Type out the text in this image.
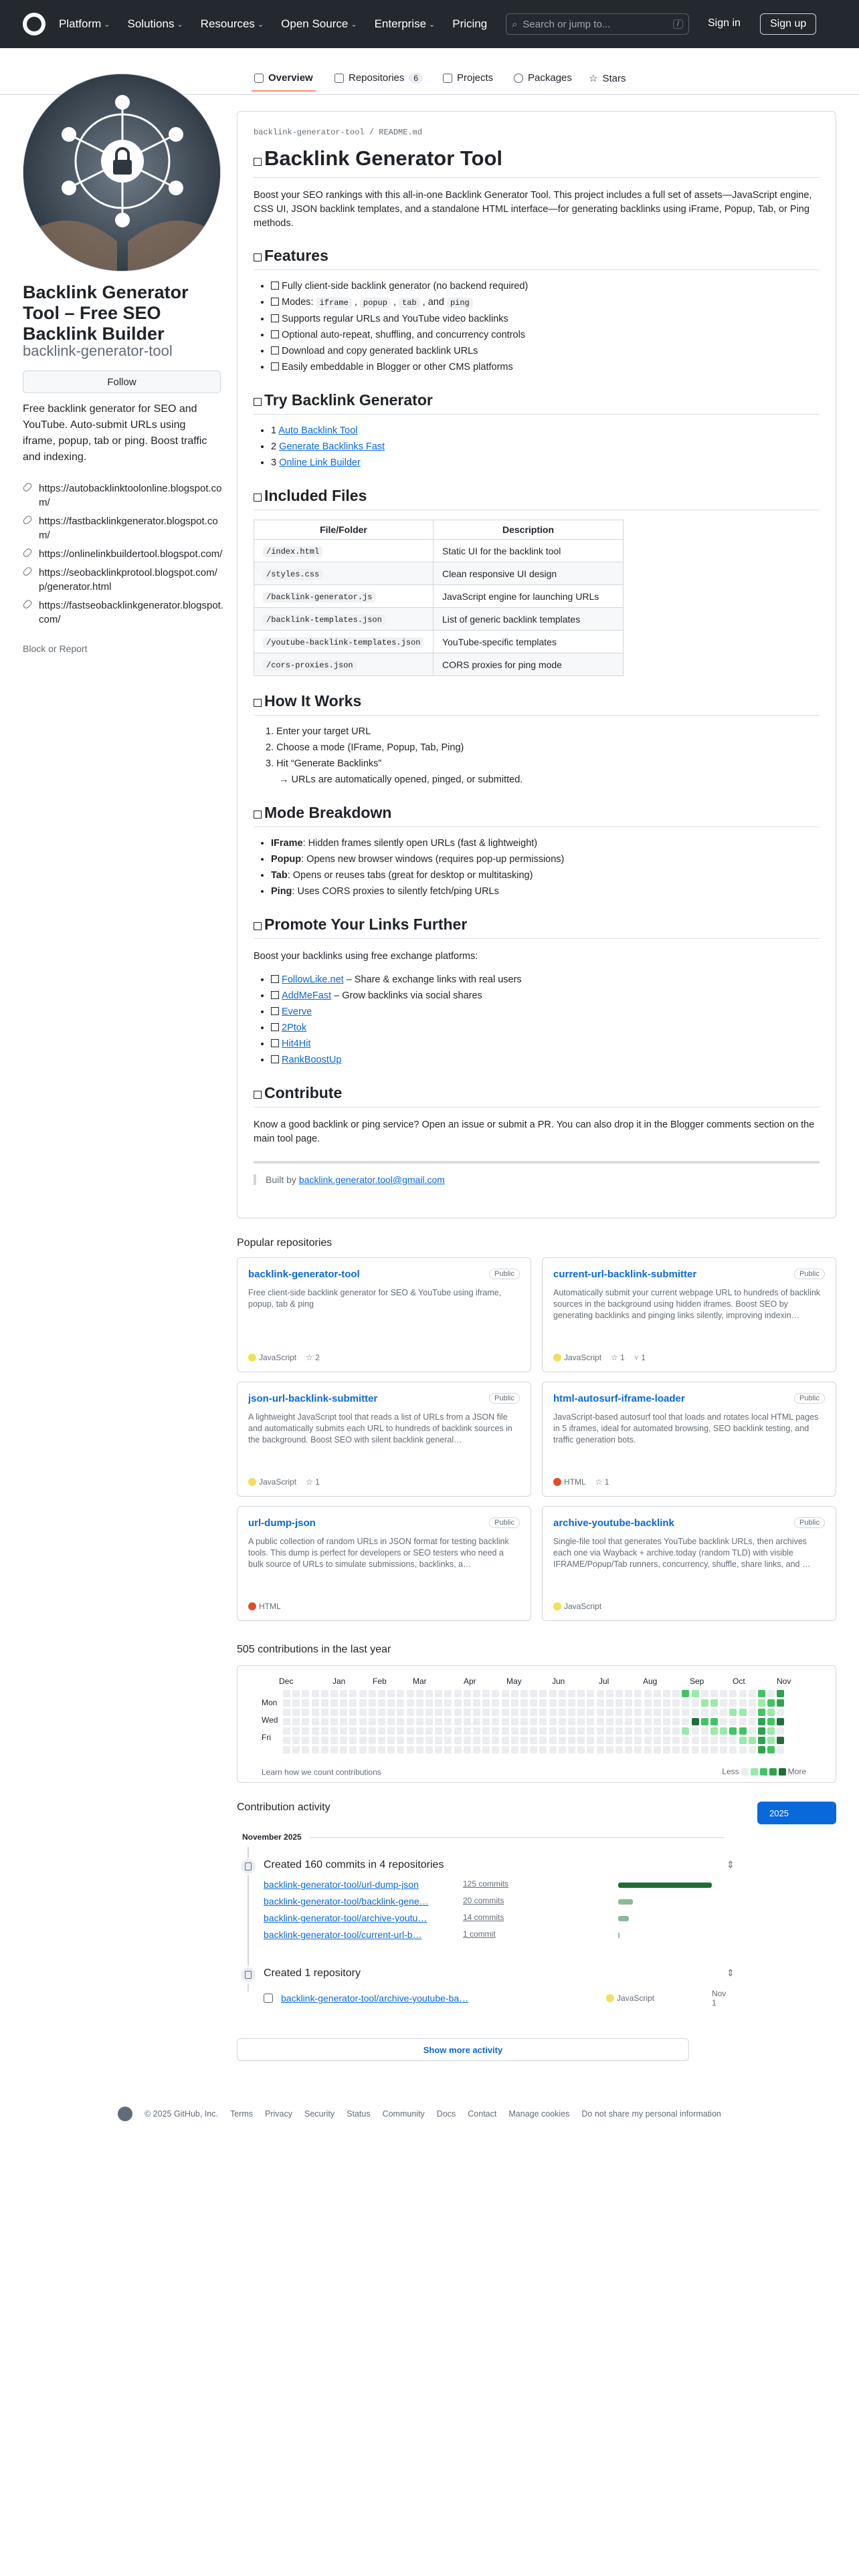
Platform ⌄ Solutions ⌄ Resources ⌄ Open Source ⌄ Enterprise ⌄ Pricing ⌕ Search or jump to...	/	Sign in	Sign up
Overview	Repositories	6	Projects	Packages ☆ Stars
Backlink Generator Tool – Free SEO Backlink Builder
backlink-generator-tool
Follow
Free backlink generator for SEO and YouTube. Auto-submit URLs using iframe, popup, tab or ping. Boost traffic and indexing.
https://autobacklinktoolonline.blogspot.com/
https://fastbacklinkgenerator.blogspot.com/
https://onlinelinkbuildertool.blogspot.com/
https://seobacklinkprotool.blogspot.com/p/generator.html
https://fastseobacklinkgenerator.blogspot.com/
Block or Report
backlink-generator-tool / README.md
Backlink Generator Tool

Boost your SEO rankings with this all-in-one Backlink Generator Tool. This project includes a full set of assets—JavaScript engine, CSS UI, JSON backlink templates, and a standalone HTML interface—for generating backlinks using iFrame, Popup, Tab, or Ping methods.

Features
• Fully client-side backlink generator (no backend required)
• Modes: iframe , popup , tab , and ping
• Supports regular URLs and YouTube video backlinks
• Optional auto-repeat, shuffling, and concurrency controls
• Download and copy generated backlink URLs
• Easily embeddable in Blogger or other CMS platforms
Try Backlink Generator
• 1 Auto Backlink Tool
• 2 Generate Backlinks Fast
• 3 Online Link Builder
Included Files
File/Folder	Description
/index.html	Static UI for the backlink tool
/styles.css	Clean responsive UI design
/backlink-generator.js	JavaScript engine for launching URLs
/backlink-templates.json	List of generic backlink templates
/youtube-backlink-templates.json	YouTube-specific templates
/cors-proxies.json	CORS proxies for ping mode
How It Works
1. Enter your target URL
2. Choose a mode (IFrame, Popup, Tab, Ping)
3. Hit “Generate Backlinks”
→ URLs are automatically opened, pinged, or submitted.
Mode Breakdown
• IFrame: Hidden frames silently open URLs (fast & lightweight)
• Popup: Opens new browser windows (requires pop-up permissions)
• Tab: Opens or reuses tabs (great for desktop or multitasking)
• Ping: Uses CORS proxies to silently fetch/ping URLs
Promote Your Links Further

Boost your backlinks using free exchange platforms:

• FollowLike.net – Share & exchange links with real users
• AddMeFast – Grow backlinks via social shares
• Everve
• 2Ptok
• Hit4Hit
• RankBoostUp
Contribute

Know a good backlink or ping service? Open an issue or submit a PR. You can also drop it in the Blogger comments section on the main tool page.

Built by backlink.generator.tool@gmail.com
Popular repositories
backlink-generator-tool	Public
Free client-side backlink generator for SEO & YouTube using iframe, popup, tab & ping
JavaScript ☆ 2
current-url-backlink-submitter	Public
Automatically submit your current webpage URL to hundreds of backlink sources in the background using hidden iframes. Boost SEO by generating backlinks and pinging links silently, improving indexin…
JavaScript ☆ 1 ⑂ 1
json-url-backlink-submitter	Public
A lightweight JavaScript tool that reads a list of URLs from a JSON file and automatically submits each URL to hundreds of backlink sources in the background. Boost SEO with silent backlink general…
JavaScript ☆ 1
html-autosurf-iframe-loader	Public
JavaScript-based autosurf tool that loads and rotates local HTML pages in 5 iframes, ideal for automated browsing, SEO backlink testing, and traffic generation bots.
HTML ☆ 1
url-dump-json	Public
A public collection of random URLs in JSON format for testing backlink tools. This dump is perfect for developers or SEO testers who need a bulk source of URLs to simulate submissions, backlinks, a…
HTML
archive-youtube-backlink	Public
Single-file tool that generates YouTube backlink URLs, then archives each one via Wayback + archive.today (random TLD) with visible IFRAME/Popup/Tab runners, concurrency, shuffle, share links, and …
JavaScript
505 contributions in the last year
Learn how we count contributions	Less	More
Dec	Jan	Feb	Mar	Apr	May	Jun	Jul	Aug	Sep	Oct	Nov
Mon
Wed
Fri
Contribution activity	2025
November 2025
Created 160 commits in 4 repositories	⇕
backlink-generator-tool/url-dump-json	125 commits
backlink-generator-tool/backlink-gene…	20 commits
backlink-generator-tool/archive-youtu…	14 commits
backlink-generator-tool/current-url-b…	1 commit
Created 1 repository	⇕
backlink-generator-tool/archive-youtube-ba…	JavaScript	Nov 1
Show more activity
© 2025 GitHub, Inc. Terms Privacy Security Status Community Docs Contact Manage cookies Do not share my personal information
